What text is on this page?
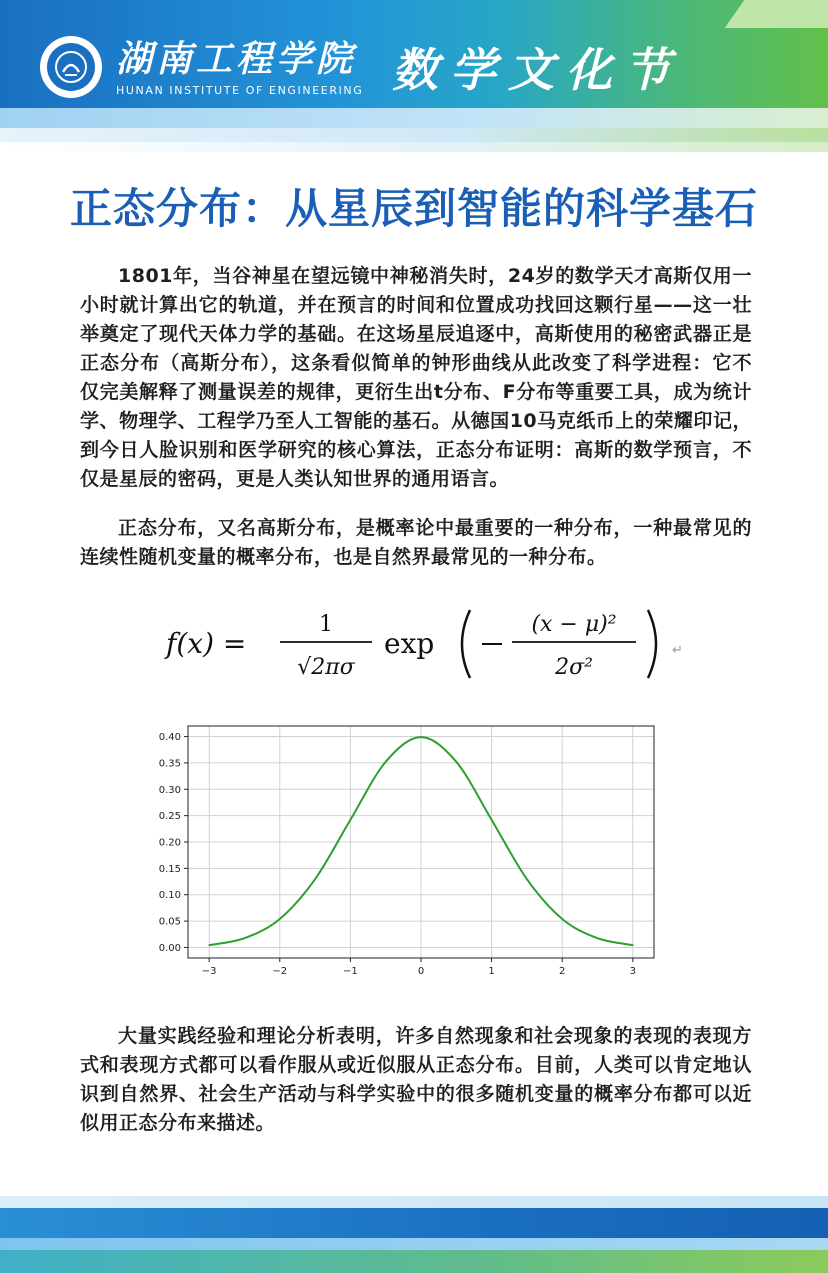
湖南工程学院
HUNAN INSTITUTE OF ENGINEERING 数学文化节
正态分布：从星辰到智能的科学基石

1801年，当谷神星在望远镜中神秘消失时，24岁的数学天才高斯仅用一小时就计算出它的轨道，并在预言的时间和位置成功找回这颗行星——这一壮举奠定了现代天体力学的基础。在这场星辰追逐中，高斯使用的秘密武器正是正态分布（高斯分布），这条看似简单的钟形曲线从此改变了科学进程：它不仅完美解释了测量误差的规律，更衍生出t分布、F分布等重要工具，成为统计学、物理学、工程学乃至人工智能的基石。从德国10马克纸币上的荣耀印记，到今日人脸识别和医学研究的核心算法，正态分布证明：高斯的数学预言，不仅是星辰的密码，更是人类认知世界的通用语言。

正态分布，又名高斯分布，是概率论中最重要的一种分布，一种最常见的连续性随机变量的概率分布，也是自然界最常见的一种分布。

f(x) =
1
√2πσ
exp
(x − μ)²
2σ²
↵
−3	−2	−1	0	1	2	3
0.00
0.05
0.10
0.15
0.20
0.25
0.30
0.35
0.40

大量实践经验和理论分析表明，许多自然现象和社会现象的表现的表现方式和表现方式都可以看作服从或近似服从正态分布。目前，人类可以肯定地认识到自然界、社会生产活动与科学实验中的很多随机变量的概率分布都可以近似用正态分布来描述。
